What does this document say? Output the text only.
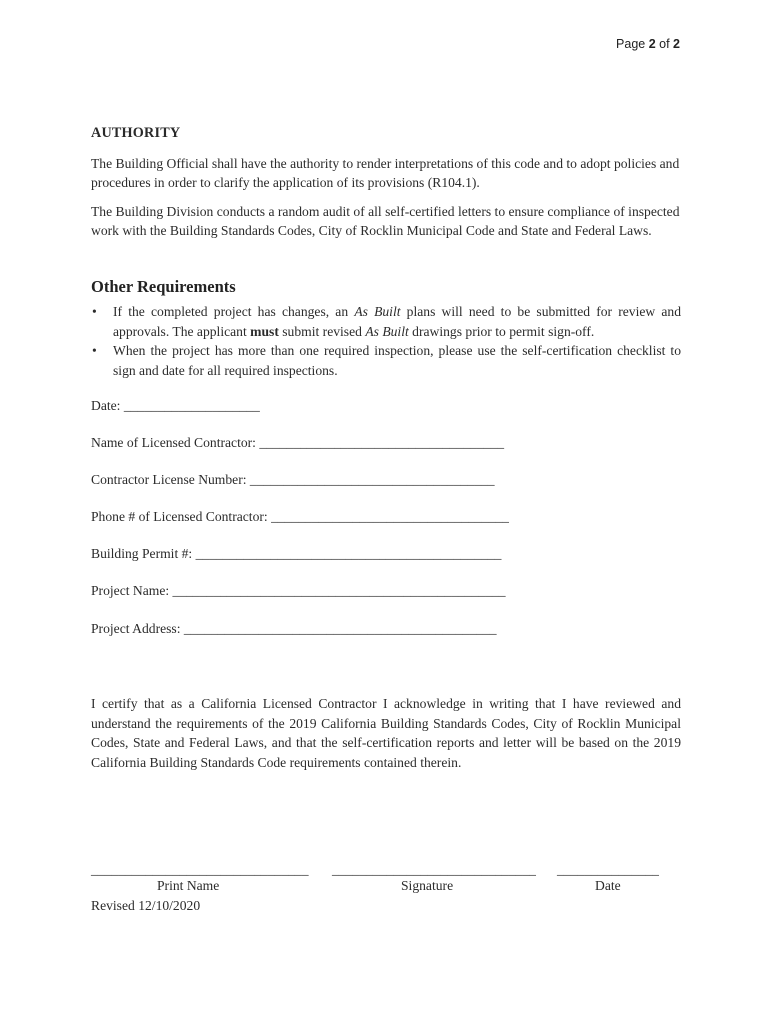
Page 2 of 2
AUTHORITY

The Building Official shall have the authority to render interpretations of this code and to adopt policies and procedures in order to clarify the application of its provisions (R104.1).

The Building Division conducts a random audit of all self-certified letters to ensure compliance of inspected work with the Building Standards Codes, City of Rocklin Municipal Code and State and Federal Laws.

Other Requirements
• If the completed project has changes, an As Built plans will need to be submitted for review and approvals. The applicant must submit revised As Built drawings prior to permit sign-off.
• When the project has more than one required inspection, please use the self-certification checklist to sign and date for all required inspections.
Date: ____________________
Name of Licensed Contractor: ____________________________________
Contractor License Number: ____________________________________
Phone # of Licensed Contractor: ___________________________________
Building Permit #: _____________________________________________
Project Name: _________________________________________________
Project Address: ______________________________________________

I certify that as a California Licensed Contractor I acknowledge in writing that I have reviewed and understand the requirements of the 2019 California Building Standards Codes, City of Rocklin Municipal Codes, State and Federal Laws, and that the self-certification reports and letter will be based on the 2019 California Building Standards Code requirements contained therein.

________________________________ ______________________________ _______________
Print Name	Signature	Date
Revised 12/10/2020
